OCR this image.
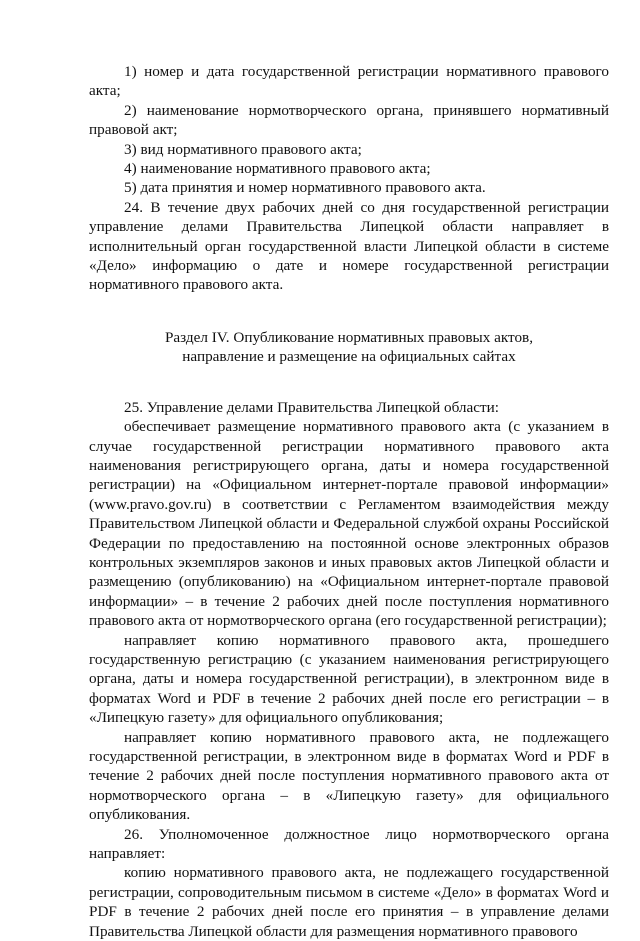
1) номер и дата государственной регистрации нормативного правового акта;

2) наименование нормотворческого органа, принявшего нормативный правовой акт;

3) вид нормативного правового акта;

4) наименование нормативного правового акта;

5) дата принятия и номер нормативного правового акта.

24. В течение двух рабочих дней со дня государственной регистрации управление делами Правительства Липецкой области направляет в исполнительный орган государственной власти Липецкой области в системе «Дело» информацию о дате и номере государственной регистрации нормативного правового акта.

Раздел IV. Опубликование нормативных правовых актов,
направление и размещение на официальных сайтах

25. Управление делами Правительства Липецкой области:

обеспечивает размещение нормативного правового акта (с указанием в случае государственной регистрации нормативного правового акта наименования регистрирующего органа, даты и номера государственной регистрации) на «Официальном интернет-портале правовой информации» (www.pravo.gov.ru) в соответствии с Регламентом взаимодействия между Правительством Липецкой области и Федеральной службой охраны Российской Федерации по предоставлению на постоянной основе электронных образов контрольных экземпляров законов и иных правовых актов Липецкой области и размещению (опубликованию) на «Официальном интернет-портале правовой информации» – в течение 2 рабочих дней после поступления нормативного правового акта от нормотворческого органа (его государственной регистрации);

направляет копию нормативного правового акта, прошедшего государственную регистрацию (с указанием наименования регистрирующего органа, даты и номера государственной регистрации), в электронном виде в форматах Word и PDF в течение 2 рабочих дней после его регистрации – в «Липецкую газету» для официального опубликования;

направляет копию нормативного правового акта, не подлежащего государственной регистрации, в электронном виде в форматах Word и PDF в течение 2 рабочих дней после поступления нормативного правового акта от нормотворческого органа – в «Липецкую газету» для официального опубликования.

26. Уполномоченное должностное лицо нормотворческого органа направляет:

копию нормативного правового акта, не подлежащего государственной регистрации, сопроводительным письмом в системе «Дело» в форматах Word и PDF в течение 2 рабочих дней после его принятия – в управление делами Правительства Липецкой области для размещения нормативного правового
